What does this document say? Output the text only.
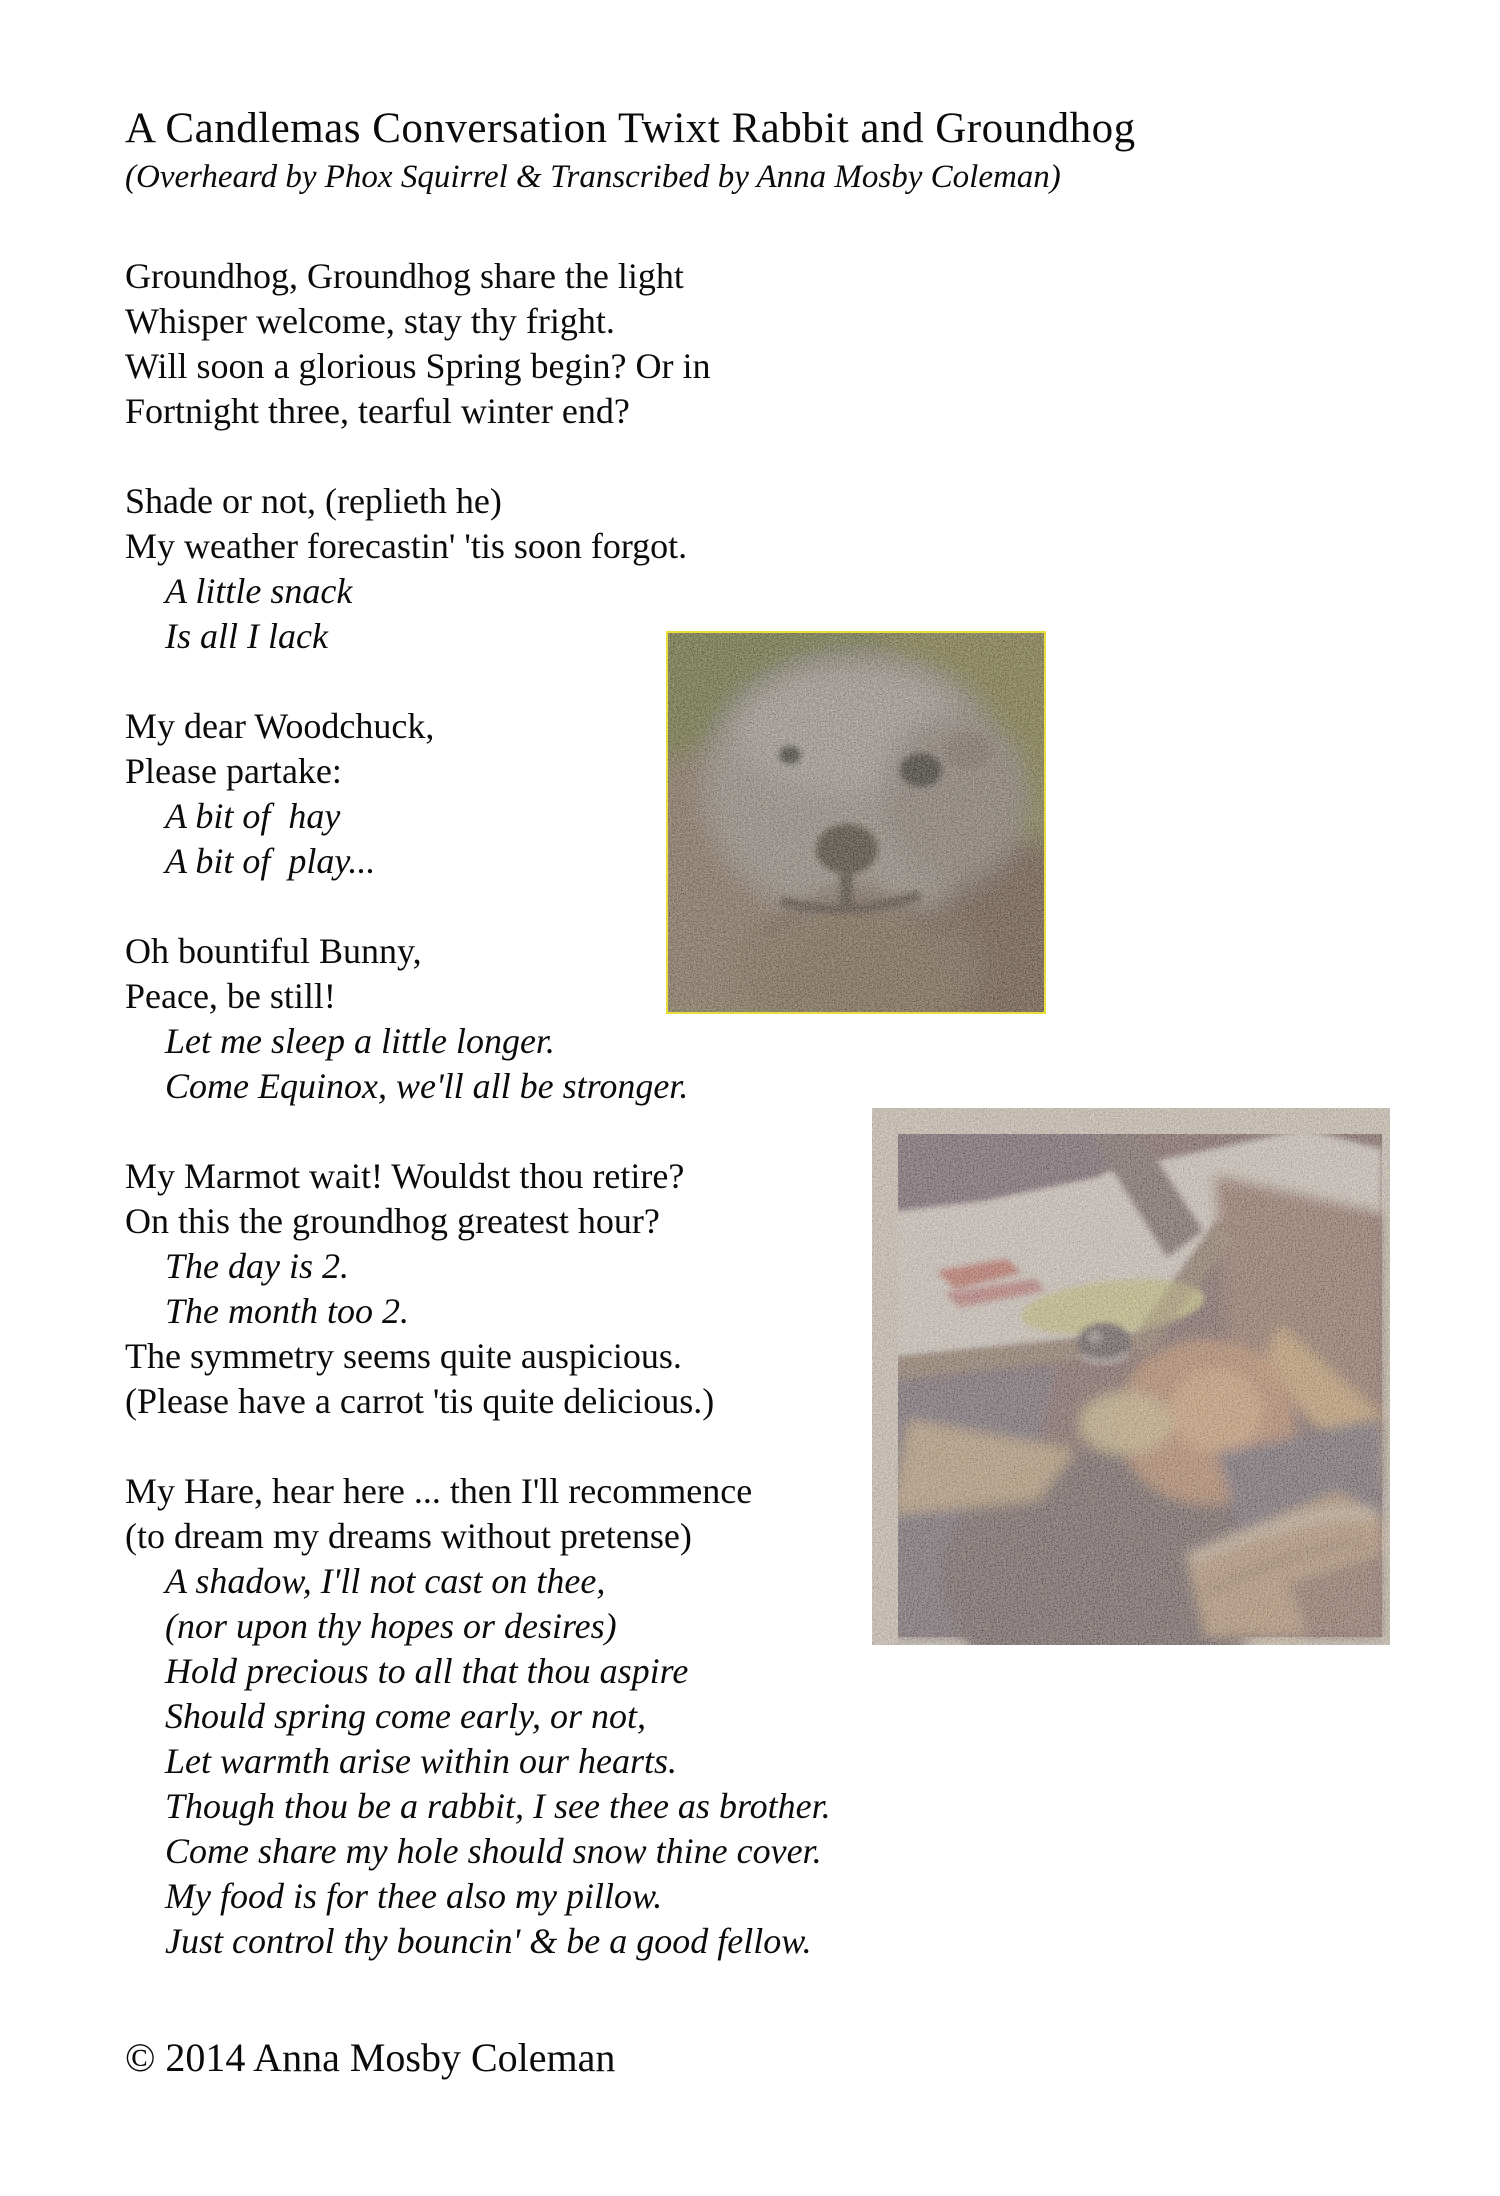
A Candlemas Conversation Twixt Rabbit and Groundhog
(Overheard by Phox Squirrel & Transcribed by Anna Mosby Coleman)
Groundhog, Groundhog share the light
Whisper welcome, stay thy fright.
Will soon a glorious Spring begin? Or in
Fortnight three, tearful winter end?
Shade or not, (replieth he)
My weather forecastin' 'tis soon forgot.
A little snack
Is all I lack
My dear Woodchuck,
Please partake:
A bit of  hay
A bit of  play...
Oh bountiful Bunny,
Peace, be still!
Let me sleep a little longer.
Come Equinox, we'll all be stronger.
My Marmot wait! Wouldst thou retire?
On this the groundhog greatest hour?
The day is 2.
The month too 2.
The symmetry seems quite auspicious.
(Please have a carrot 'tis quite delicious.)
My Hare, hear here ... then I'll recommence
(to dream my dreams without pretense)
A shadow, I'll not cast on thee,
(nor upon thy hopes or desires)
Hold precious to all that thou aspire
Should spring come early, or not,
Let warmth arise within our hearts.
Though thou be a rabbit, I see thee as brother.
Come share my hole should snow thine cover.
My food is for thee also my pillow.
Just control thy bouncin' & be a good fellow.
© 2014 Anna Mosby Coleman
